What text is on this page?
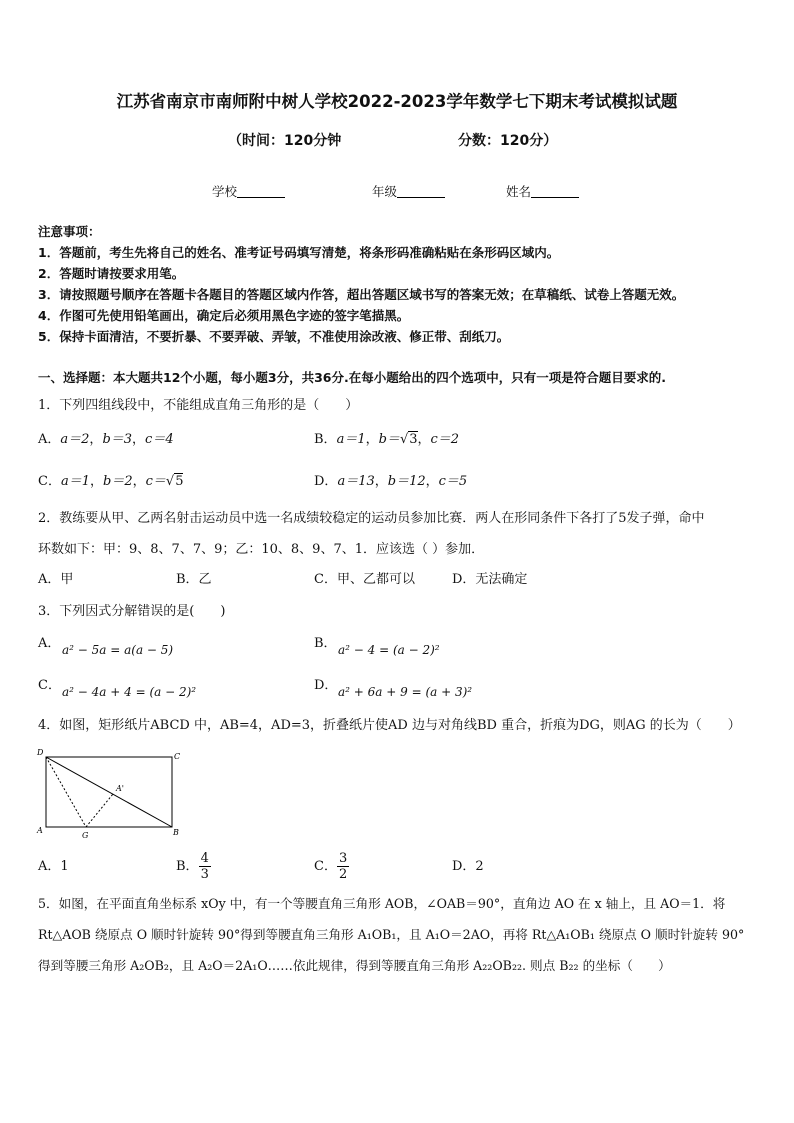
江苏省南京市南师附中树人学校2022-2023学年数学七下期末考试模拟试题
（时间：120分钟	分数：120分）
学校	年级	姓名
注意事项：
1．答题前，考生先将自己的姓名、准考证号码填写清楚，将条形码准确粘贴在条形码区域内。
2．答题时请按要求用笔。
3．请按照题号顺序在答题卡各题目的答题区域内作答，超出答题区域书写的答案无效；在草稿纸、试卷上答题无效。
4．作图可先使用铅笔画出，确定后必须用黑色字迹的签字笔描黑。
5．保持卡面清洁，不要折暴、不要弄破、弄皱，不准使用涂改液、修正带、刮纸刀。
一、选择题：本大题共12个小题，每小题3分，共36分.在每小题给出的四个选项中，只有一项是符合题目要求的.
1．下列四组线段中，不能组成直角三角形的是（　　）
A．a＝2，b＝3，c＝4	B．a＝1，b＝√3，c＝2
C．a＝1，b＝2，c＝√5	D．a＝13，b＝12，c＝5
2．教练要从甲、乙两名射击运动员中选一名成绩较稳定的运动员参加比赛．两人在形同条件下各打了5发子弹，命中
环数如下：甲：9、8、7、7、9；乙：10、8、9、7、1．应该选（ ）参加．
A．甲	B．乙	C．甲、乙都可以	D．无法确定
3．下列因式分解错误的是(　　)
A． a² − 5a = a(a − 5)	B． a² − 4 = (a − 2)²
C． a² − 4a + 4 = (a − 2)²	D． a² + 6a + 9 = (a + 3)²
4．如图，矩形纸片ABCD 中，AB=4，AD=3，折叠纸片使AD 边与对角线BD 重合，折痕为DG，则AG 的长为（　　）
D	C
A	B
G
A'
A．1	B． $\frac{4}{3}$	C． $\frac{3}{2}$	D．2
5．如图，在平面直角坐标系 xOy 中，有一个等腰直角三角形 AOB，∠OAB＝90°，直角边 AO 在 x 轴上，且 AO＝1．将
Rt△AOB 绕原点 O 顺时针旋转 90°得到等腰直角三角形 A₁OB₁，且 A₁O＝2AO，再将 Rt△A₁OB₁ 绕原点 O 顺时针旋转 90°
得到等腰三角形 A₂OB₂，且 A₂O＝2A₁O……依此规律，得到等腰直角三角形 A₂₂OB₂₂. 则点 B₂₂ 的坐标（　　）
